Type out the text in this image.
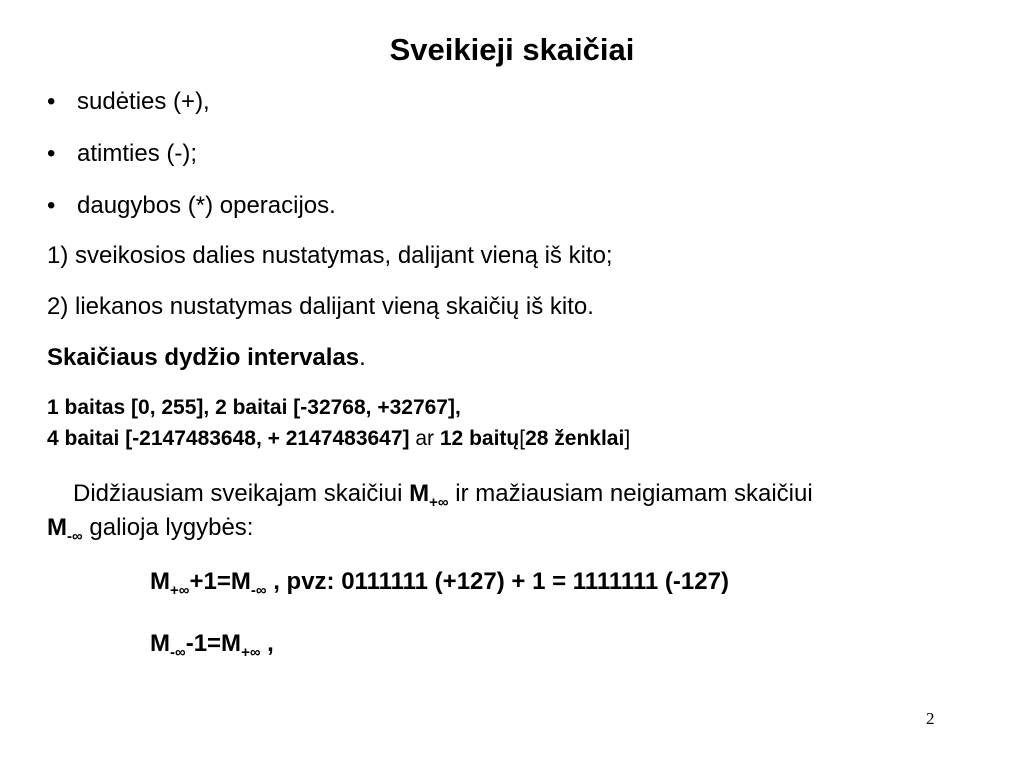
Sveikieji skaičiai
• sudėties (+),
• atimties (-);
• daugybos (*) operacijos.
1) sveikosios dalies nustatymas, dalijant vieną iš kito;
2) liekanos nustatymas dalijant vieną skaičių iš kito.
Skaičiaus dydžio intervalas.
1 baitas [0, 255], 2 baitai [-32768, +32767],
4 baitai [-2147483648, + 2147483647] ar 12 baitų[28 ženklai]
Didžiausiam sveikajam skaičiui $M_{+\infty}$ ir mažiausiam neigiamam skaičiui
$M_{-\infty}$ galioja lygybės:
$M_{+\infty}+1=M_{-\infty}$ , pvz: 0111111 (+127) + 1 = 1111111 (-127)
$M_{-\infty}-1=M_{+\infty}$ ,
2
